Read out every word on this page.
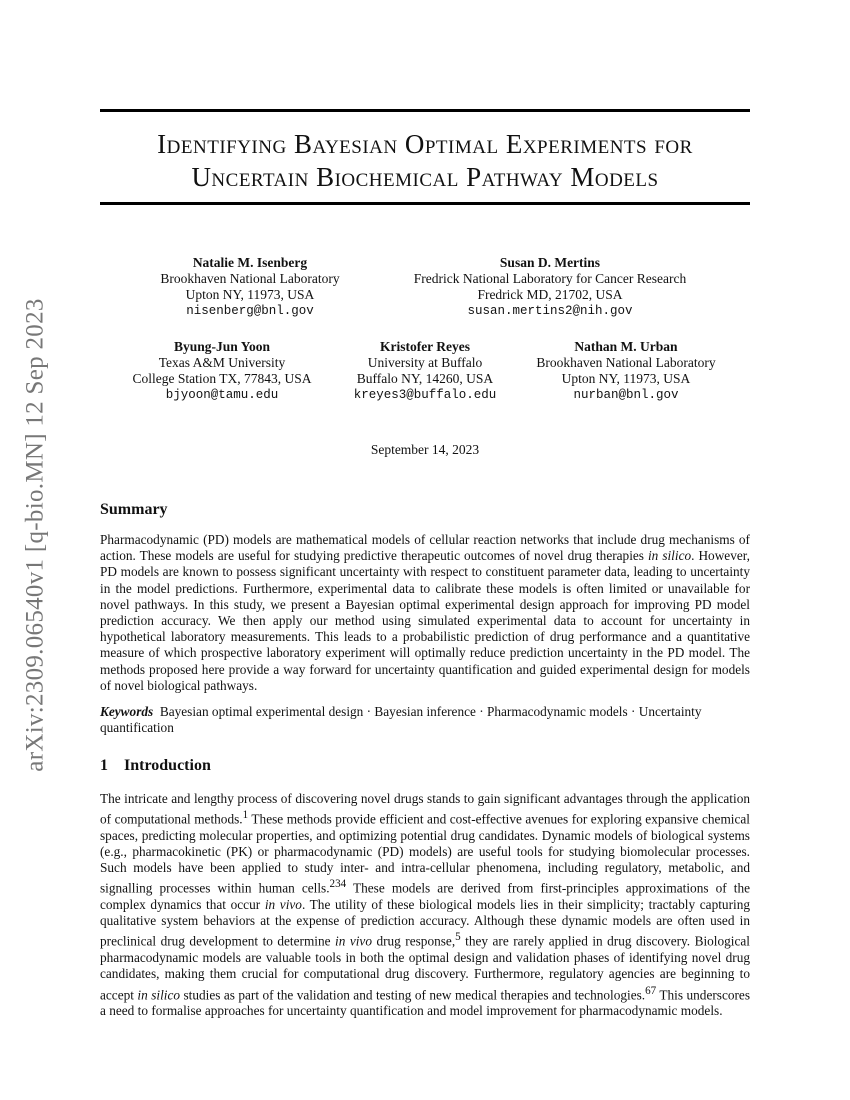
arXiv:2309.06540v1 [q-bio.MN] 12 Sep 2023
Identifying Bayesian Optimal Experiments for
Uncertain Biochemical Pathway Models
Natalie M. Isenberg
Brookhaven National Laboratory
Upton NY, 11973, USA
nisenberg@bnl.gov
Susan D. Mertins
Fredrick National Laboratory for Cancer Research
Fredrick MD, 21702, USA
susan.mertins2@nih.gov
Byung-Jun Yoon
Texas A&M University
College Station TX, 77843, USA
bjyoon@tamu.edu
Kristofer Reyes
University at Buffalo
Buffalo NY, 14260, USA
kreyes3@buffalo.edu
Nathan M. Urban
Brookhaven National Laboratory
Upton NY, 11973, USA
nurban@bnl.gov
September 14, 2023
Summary

Pharmacodynamic (PD) models are mathematical models of cellular reaction networks that include drug mechanisms of action. These models are useful for studying predictive therapeutic outcomes of novel drug therapies in silico. However, PD models are known to possess significant uncertainty with respect to constituent parameter data, leading to uncertainty in the model predictions. Furthermore, experimental data to calibrate these models is often limited or unavailable for novel pathways. In this study, we present a Bayesian optimal experimental design approach for improving PD model prediction accuracy. We then apply our method using simulated experimental data to account for uncertainty in hypothetical laboratory measurements. This leads to a probabilistic prediction of drug performance and a quantitative measure of which prospective laboratory experiment will optimally reduce prediction uncertainty in the PD model. The methods proposed here provide a way forward for uncertainty quantification and guided experimental design for models of novel biological pathways.

Keywords Bayesian optimal experimental design · Bayesian inference · Pharmacodynamic models · Uncertainty quantification

1 Introduction

The intricate and lengthy process of discovering novel drugs stands to gain significant advantages through the application of computational methods.$^1$ These methods provide efficient and cost-effective avenues for exploring expansive chemical spaces, predicting molecular properties, and optimizing potential drug candidates. Dynamic models of biological systems (e.g., pharmacokinetic (PK) or pharmacodynamic (PD) models) are useful tools for studying biomolecular processes. Such models have been applied to study inter- and intra-cellular phenomena, including regulatory, metabolic, and signalling processes within human cells.$^{234}$ These models are derived from first-principles approximations of the complex dynamics that occur in vivo. The utility of these biological models lies in their simplicity; tractably capturing qualitative system behaviors at the expense of prediction accuracy. Although these dynamic models are often used in preclinical drug development to determine in vivo drug response,$^5$ they are rarely applied in drug discovery. Biological pharmacodynamic models are valuable tools in both the optimal design and validation phases of identifying novel drug candidates, making them crucial for computational drug discovery. Furthermore, regulatory agencies are beginning to accept in silico studies as part of the validation and testing of new medical therapies and technologies.$^{67}$ This underscores a need to formalise approaches for uncertainty quantification and model improvement for pharmacodynamic models.
